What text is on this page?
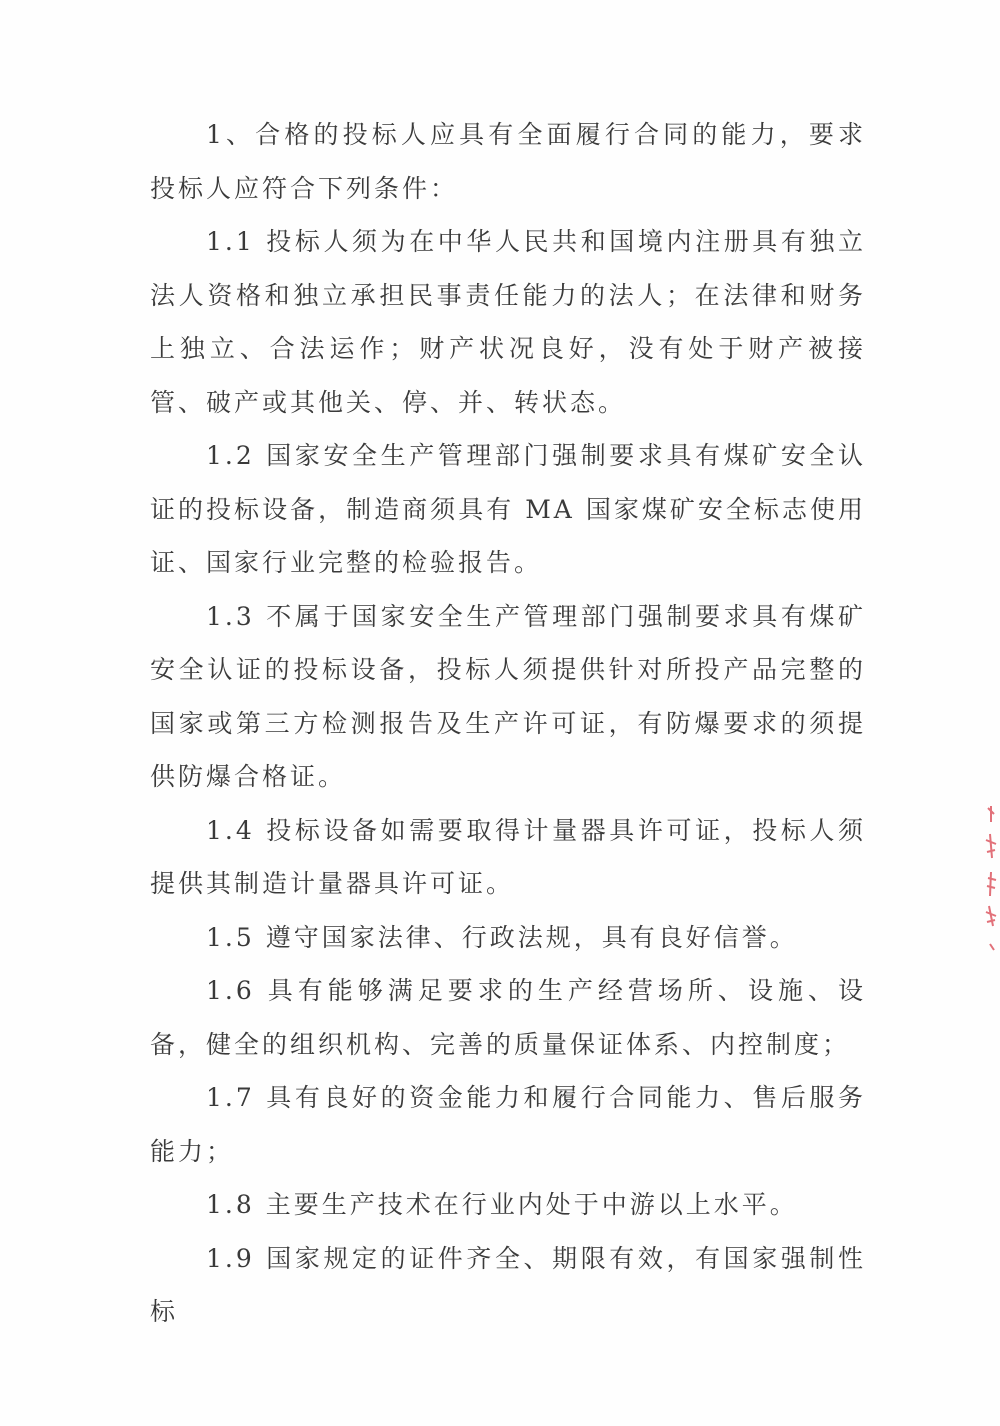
1、合格的投标人应具有全面履行合同的能力，要求投标人应符合下列条件：

1.1 投标人须为在中华人民共和国境内注册具有独立法人资格和独立承担民事责任能力的法人；在法律和财务上独立、合法运作；财产状况良好，没有处于财产被接管、破产或其他关、停、并、转状态。

1.2 国家安全生产管理部门强制要求具有煤矿安全认证的投标设备，制造商须具有 MA 国家煤矿安全标志使用证、国家行业完整的检验报告。

1.3 不属于国家安全生产管理部门强制要求具有煤矿安全认证的投标设备，投标人须提供针对所投产品完整的国家或第三方检测报告及生产许可证，有防爆要求的须提供防爆合格证。

1.4 投标设备如需要取得计量器具许可证，投标人须提供其制造计量器具许可证。

1.5 遵守国家法律、行政法规，具有良好信誉。

1.6 具有能够满足要求的生产经营场所、设施、设备，健全的组织机构、完善的质量保证体系、内控制度；

1.7 具有良好的资金能力和履行合同能力、售后服务能力；

1.8 主要生产技术在行业内处于中游以上水平。

1.9 国家规定的证件齐全、期限有效，有国家强制性标
